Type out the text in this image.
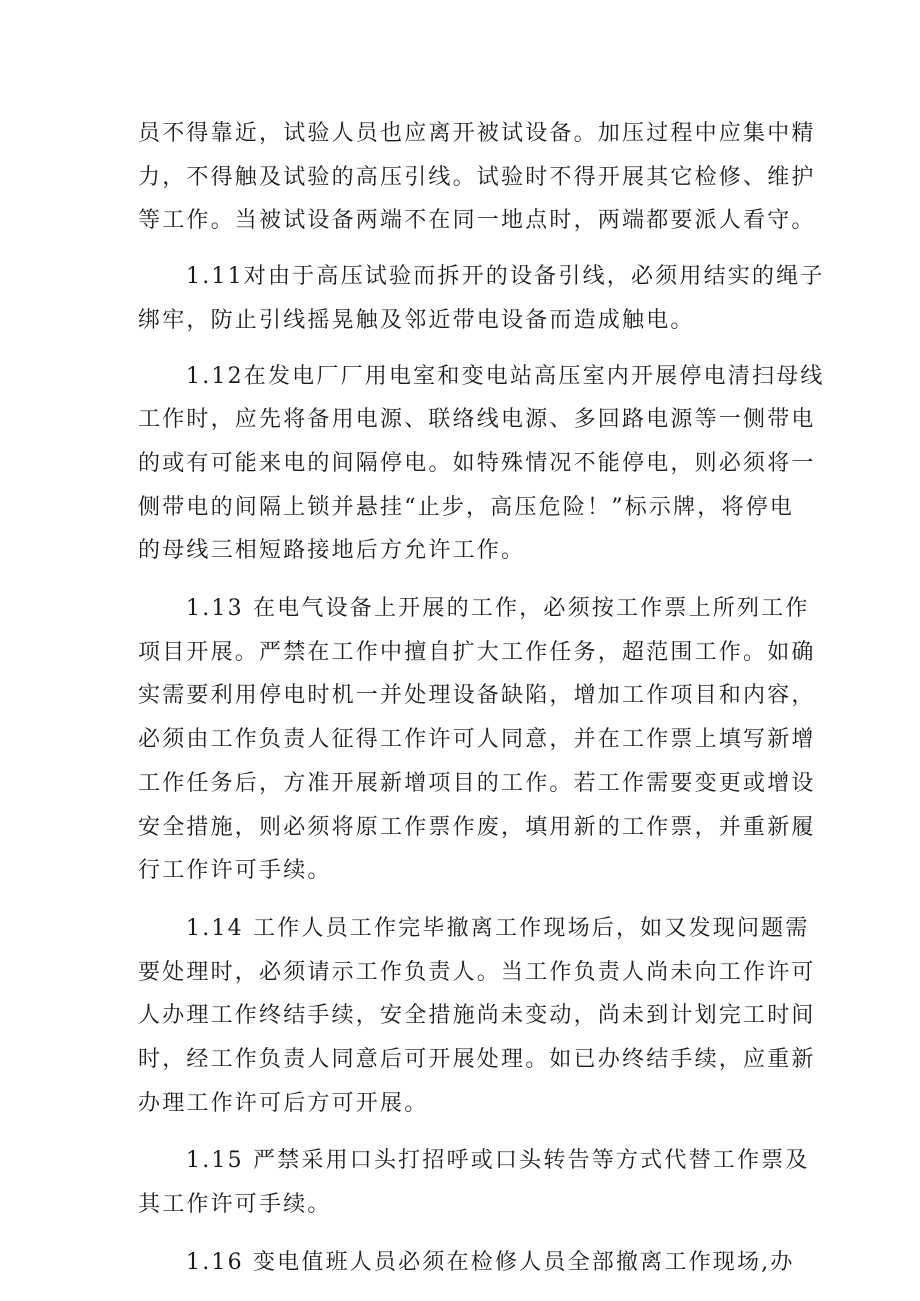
员不得靠近，试验人员也应离开被试设备。加压过程中应集中精
力，不得触及试验的高压引线。试验时不得开展其它检修、维护
等工作。当被试设备两端不在同一地点时，两端都要派人看守。

1.11对由于高压试验而拆开的设备引线，必须用结实的绳子
绑牢，防止引线摇晃触及邻近带电设备而造成触电。

1.12在发电厂厂用电室和变电站高压室内开展停电清扫母线
工作时，应先将备用电源、联络线电源、多回路电源等一侧带电
的或有可能来电的间隔停电。如特殊情况不能停电，则必须将一
侧带电的间隔上锁并悬挂“止步，高压危险！”标示牌，将停电
的母线三相短路接地后方允许工作。

1.13 在电气设备上开展的工作，必须按工作票上所列工作
项目开展。严禁在工作中擅自扩大工作任务，超范围工作。如确
实需要利用停电时机一并处理设备缺陷，增加工作项目和内容，
必须由工作负责人征得工作许可人同意，并在工作票上填写新增
工作任务后，方准开展新增项目的工作。若工作需要变更或增设
安全措施，则必须将原工作票作废，填用新的工作票，并重新履
行工作许可手续。

1.14 工作人员工作完毕撤离工作现场后，如又发现问题需
要处理时，必须请示工作负责人。当工作负责人尚未向工作许可
人办理工作终结手续，安全措施尚未变动，尚未到计划完工时间
时，经工作负责人同意后可开展处理。如已办终结手续，应重新
办理工作许可后方可开展。

1.15 严禁采用口头打招呼或口头转告等方式代替工作票及
其工作许可手续。

1.16 变电值班人员必须在检修人员全部撤离工作现场,办
